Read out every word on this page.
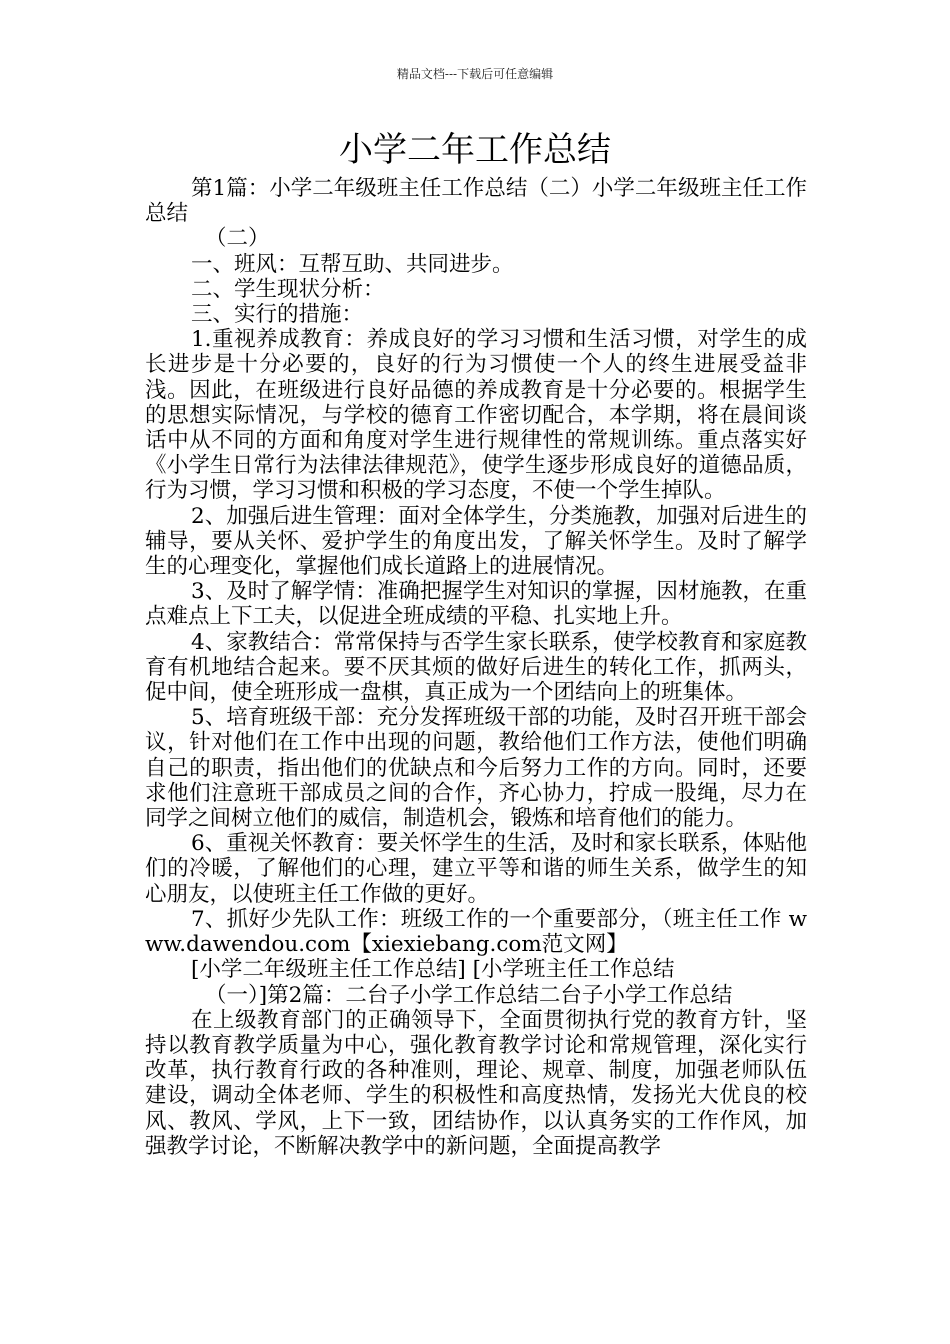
精品文档---下载后可任意编辑
小学二年工作总结

第1篇：小学二年级班主任工作总结（二）小学二年级班主任工作总结

（二）

一、班风：互帮互助、共同进步。

二、学生现状分析：

三、实行的措施：

1.重视养成教育：养成良好的学习习惯和生活习惯，对学生的成长进步是十分必要的，良好的行为习惯使一个人的终生进展受益非浅。因此，在班级进行良好品德的养成教育是十分必要的。根据学生的思想实际情况，与学校的德育工作密切配合，本学期，将在晨间谈话中从不同的方面和角度对学生进行规律性的常规训练。重点落实好《小学生日常行为法律法律规范》，使学生逐步形成良好的道德品质，行为习惯，学习习惯和积极的学习态度，不使一个学生掉队。

2、加强后进生管理：面对全体学生，分类施教，加强对后进生的辅导，要从关怀、爱护学生的角度出发，了解关怀学生。及时了解学生的心理变化，掌握他们成长道路上的进展情况。

3、及时了解学情：准确把握学生对知识的掌握，因材施教，在重点难点上下工夫，以促进全班成绩的平稳、扎实地上升。

4、家教结合：常常保持与否学生家长联系，使学校教育和家庭教育有机地结合起来。要不厌其烦的做好后进生的转化工作，抓两头，促中间，使全班形成一盘棋，真正成为一个团结向上的班集体。

5、培育班级干部：充分发挥班级干部的功能，及时召开班干部会议，针对他们在工作中出现的问题，教给他们工作方法，使他们明确自己的职责，指出他们的优缺点和今后努力工作的方向。同时，还要求他们注意班干部成员之间的合作，齐心协力，拧成一股绳，尽力在同学之间树立他们的威信，制造机会，锻炼和培育他们的能力。

6、重视关怀教育：要关怀学生的生活，及时和家长联系，体贴他们的冷暖，了解他们的心理，建立平等和谐的师生关系，做学生的知心朋友，以使班主任工作做的更好。

7、抓好少先队工作：班级工作的一个重要部分，（班主任工作 www.dawendou.com【xiexiebang.com范文网】

[小学二年级班主任工作总结] [小学班主任工作总结

（一）]第2篇：二台子小学工作总结二台子小学工作总结

在上级教育部门的正确领导下，全面贯彻执行党的教育方针，坚持以教育教学质量为中心，强化教育教学讨论和常规管理，深化实行改革，执行教育行政的各种准则，理论、规章、制度，加强老师队伍建设，调动全体老师、学生的积极性和高度热情，发扬光大优良的校风、教风、学风，上下一致，团结协作，以认真务实的工作作风，加强教学讨论，不断解决教学中的新问题，全面提高教学
